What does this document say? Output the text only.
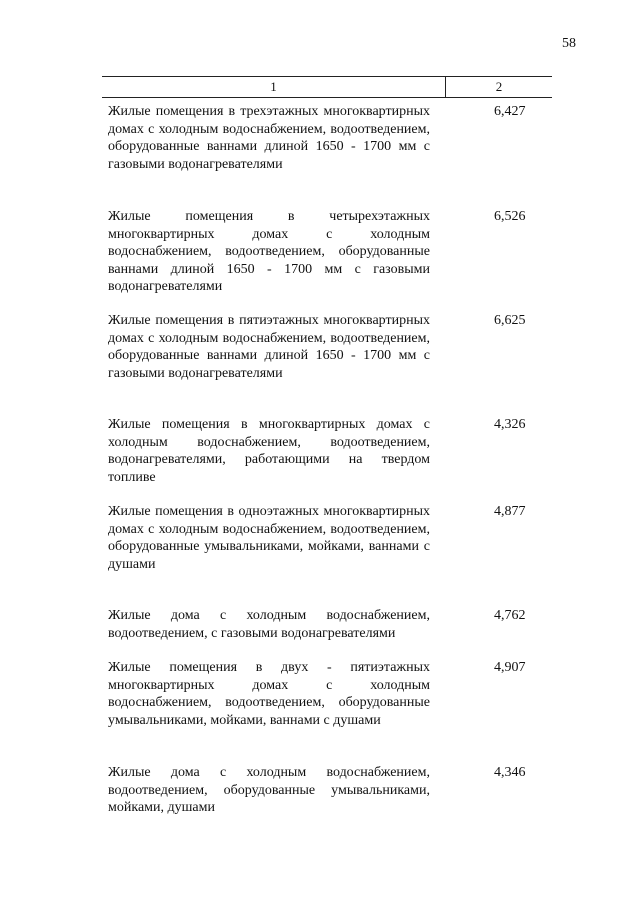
58
1	2
Жилые помещения в трехэтажных многоквартирных домах с холодным водоснабжением, водоотведением, оборудованные ваннами длиной 1650 - 1700 мм с газовыми водонагревателями
6,427
Жилые помещения в четырехэтажных многоквартирных домах с холодным водоснабжением, водоотведением, оборудованные ваннами длиной 1650 - 1700 мм с газовыми водонагревателями
6,526
Жилые помещения в пятиэтажных многоквартирных домах с холодным водоснабжением, водоотведением, оборудованные ваннами длиной 1650 - 1700 мм с газовыми водонагревателями
6,625
Жилые помещения в многоквартирных домах с холодным водоснабжением, водоотведением, водонагревателями, работающими на твердом топливе
4,326
Жилые помещения в одноэтажных многоквартирных домах с холодным водоснабжением, водоотведением, оборудованные умывальниками, мойками, ваннами с душами
4,877
Жилые дома с холодным водоснабжением, водоотведением, с газовыми водонагревателями
4,762
Жилые помещения в двух - пятиэтажных многоквартирных домах с холодным водоснабжением, водоотведением, оборудованные умывальниками, мойками, ваннами с душами
4,907
Жилые дома с холодным водоснабжением, водоотведением, оборудованные умывальниками, мойками, душами
4,346
